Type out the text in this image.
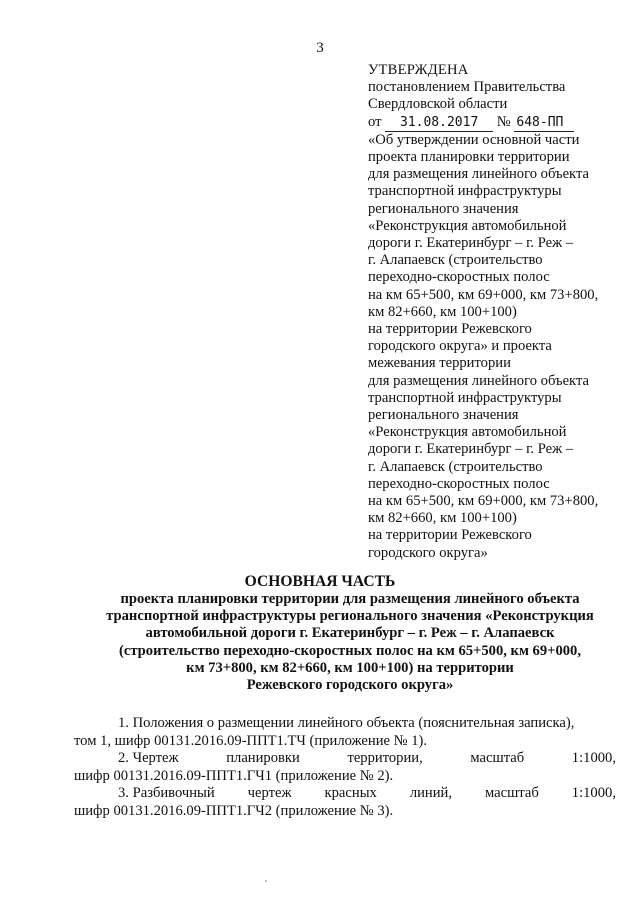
3
УТВЕРЖДЕНА
постановлением Правительства
Свердловской области
от 31.08.2017 № 648-ПП
«Об утверждении основной части
проекта планировки территории
для размещения линейного объекта
транспортной инфраструктуры
регионального значения
«Реконструкция автомобильной
дороги г. Екатеринбург – г. Реж –
г. Алапаевск (строительство
переходно-скоростных полос
на км 65+500, км 69+000, км 73+800,
км 82+660, км 100+100)
на территории Режевского
городского округа» и проекта
межевания территории
для размещения линейного объекта
транспортной инфраструктуры
регионального значения
«Реконструкция автомобильной
дороги г. Екатеринбург – г. Реж –
г. Алапаевск (строительство
переходно-скоростных полос
на км 65+500, км 69+000, км 73+800,
км 82+660, км 100+100)
на территории Режевского
городского округа»
ОСНОВНАЯ ЧАСТЬ
проекта планировки территории для размещения линейного объекта
транспортной инфраструктуры регионального значения «Реконструкция
автомобильной дороги г. Екатеринбург – г. Реж – г. Алапаевск
(строительство переходно-скоростных полос на км 65+500, км 69+000,
км 73+800, км 82+660, км 100+100) на территории
Режевского городского округа»
1. Положения о размещении линейного объекта (пояснительная записка),
том 1, шифр 00131.2016.09-ППТ1.ТЧ (приложение № 1).
2. Чертеж	планировки	территории,	масштаб	1:1000,
шифр 00131.2016.09-ППТ1.ГЧ1 (приложение № 2).
3. Разбивочный чертеж красных линий, масштаб 1:1000,
шифр 00131.2016.09-ППТ1.ГЧ2 (приложение № 3).
